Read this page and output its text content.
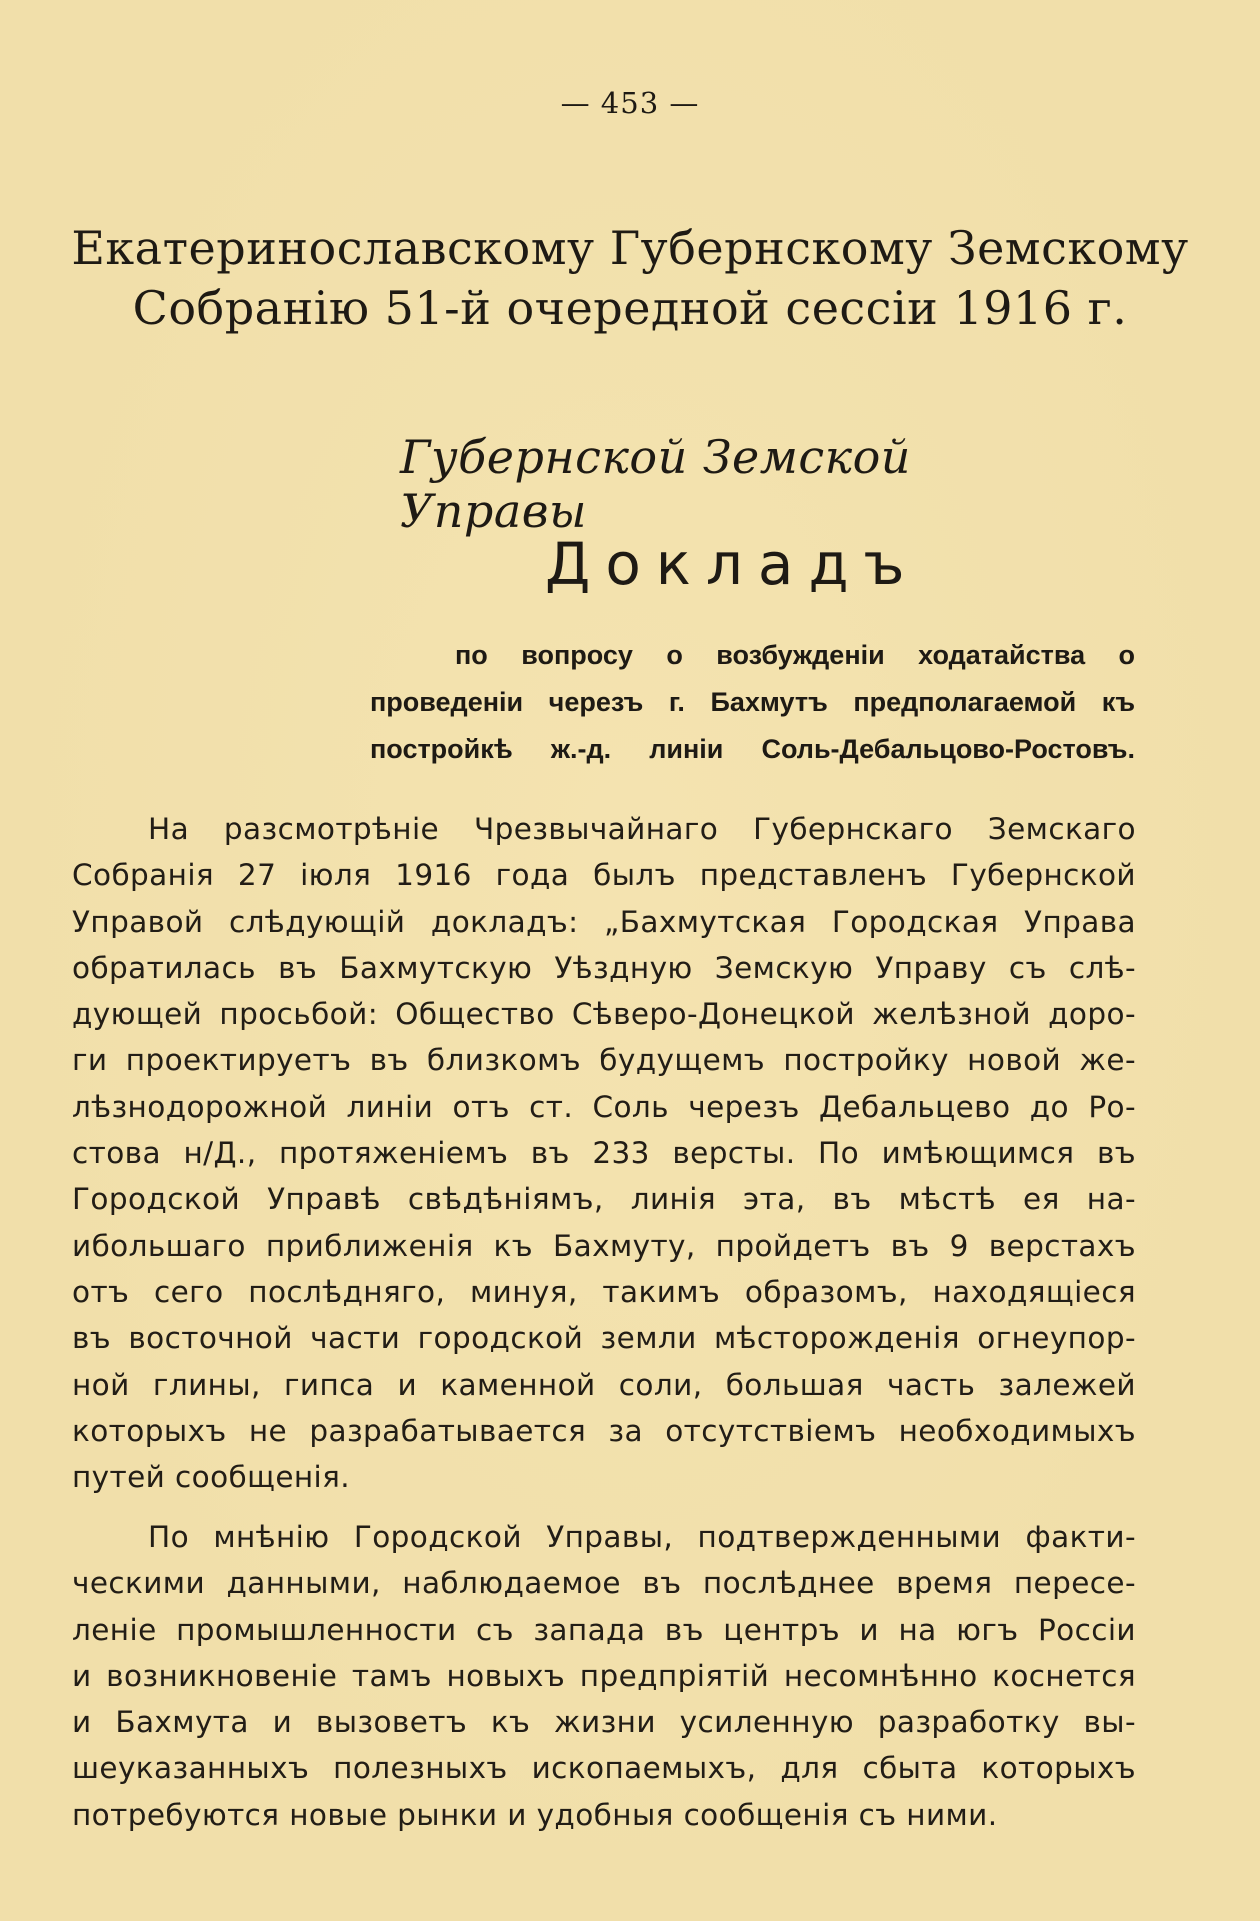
— 453 —
Екатеринославскому Губернскому Земскому
Собранію 51-й очередной сессіи 1916 г.
Губернской Земской Управы
Докладъ
по вопросу о возбужденіи ходатайства о
проведеніи черезъ г. Бахмутъ предполагаемой къ
постройкѣ ж.-д. линіи Соль-Дебальцово-Ростовъ.
На разсмотрѣніе Чрезвычайнаго Губернскаго Земскаго
Собранія 27 іюля 1916 года былъ представленъ Губернской
Управой слѣдующій докладъ: „Бахмутская Городская Управа
обратилась въ Бахмутскую Уѣздную Земскую Управу съ слѣ-
дующей просьбой: Общество Сѣверо-Донецкой желѣзной доро-
ги проектируетъ въ близкомъ будущемъ постройку новой же-
лѣзнодорожной линіи отъ ст. Соль черезъ Дебальцево до Ро-
стова н/Д., протяженіемъ въ 233 версты. По имѣющимся въ
Городской Управѣ свѣдѣніямъ, линія эта, въ мѣстѣ ея на-
ибольшаго приближенія къ Бахмуту, пройдетъ въ 9 верстахъ
отъ сего послѣдняго, минуя, такимъ образомъ, находящіеся
въ восточной части городской земли мѣсторожденія огнеупор-
ной глины, гипса и каменной соли, большая часть залежей
которыхъ не разрабатывается за отсутствіемъ необходимыхъ
путей сообщенія.
По мнѣнію Городской Управы, подтвержденными факти-
ческими данными, наблюдаемое въ послѣднее время пересе-
леніе промышленности съ запада въ центръ и на югъ Россіи
и возникновеніе тамъ новыхъ предпріятій несомнѣнно коснется
и Бахмута и вызоветъ къ жизни усиленную разработку вы-
шеуказанныхъ полезныхъ ископаемыхъ, для сбыта которыхъ
потребуются новые рынки и удобныя сообщенія съ ними.
